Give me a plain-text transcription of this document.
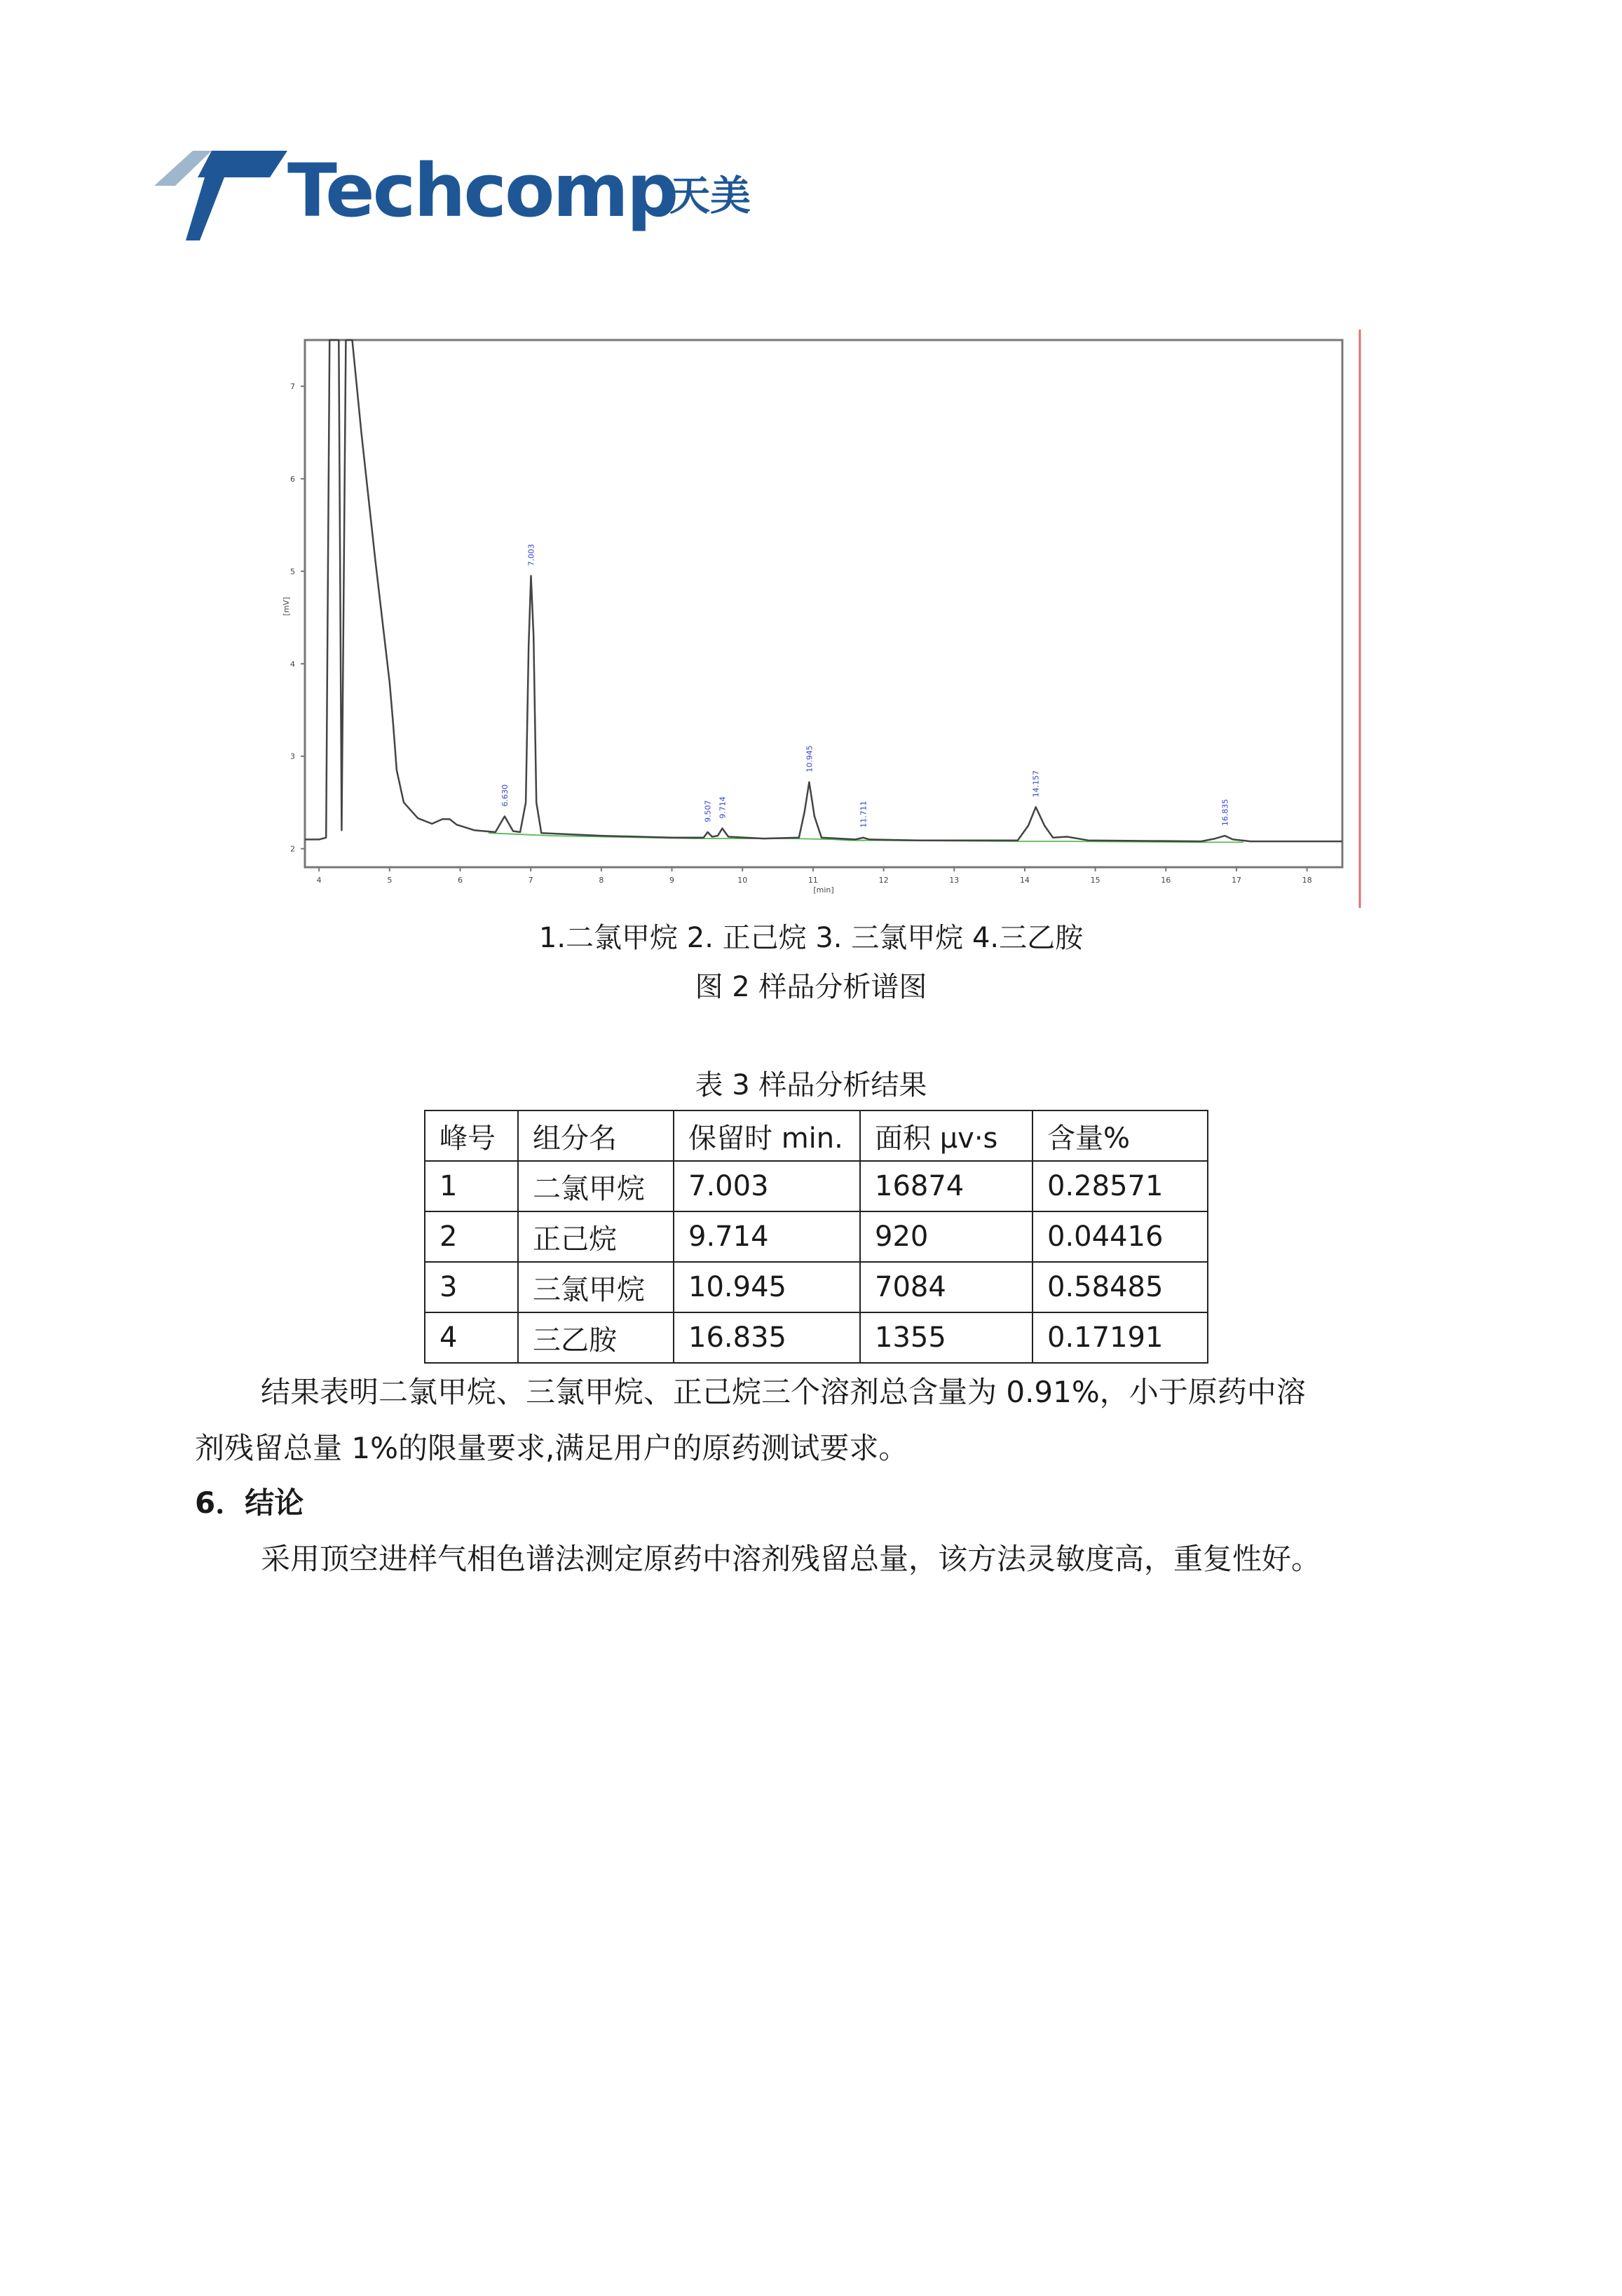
Techcomp
天美
4	5	6	7	8	9	10	11	12	13	14	15	16	17	18
2
3
4
5
6
7
6.630
7.003
9.507 9.714
10.945
11.711
14.157
16.835
[min]
[mV]
1.二氯甲烷 2. 正己烷 3. 三氯甲烷 4.三乙胺
图 2 样品分析谱图
表 3 样品分析结果
峰号	组分名	保留时 min.	面积 μv·s	含量%
1	二氯甲烷	7.003	16874	0.28571
2	正己烷	9.714	920	0.04416
3	三氯甲烷	10.945	7084	0.58485
4	三乙胺	16.835	1355	0.17191
结果表明二氯甲烷、三氯甲烷、正己烷三个溶剂总含量为 0.91%，小于原药中溶
剂残留总量 1%的限量要求,满足用户的原药测试要求。
6．结论
采用顶空进样气相色谱法测定原药中溶剂残留总量，该方法灵敏度高，重复性好。
